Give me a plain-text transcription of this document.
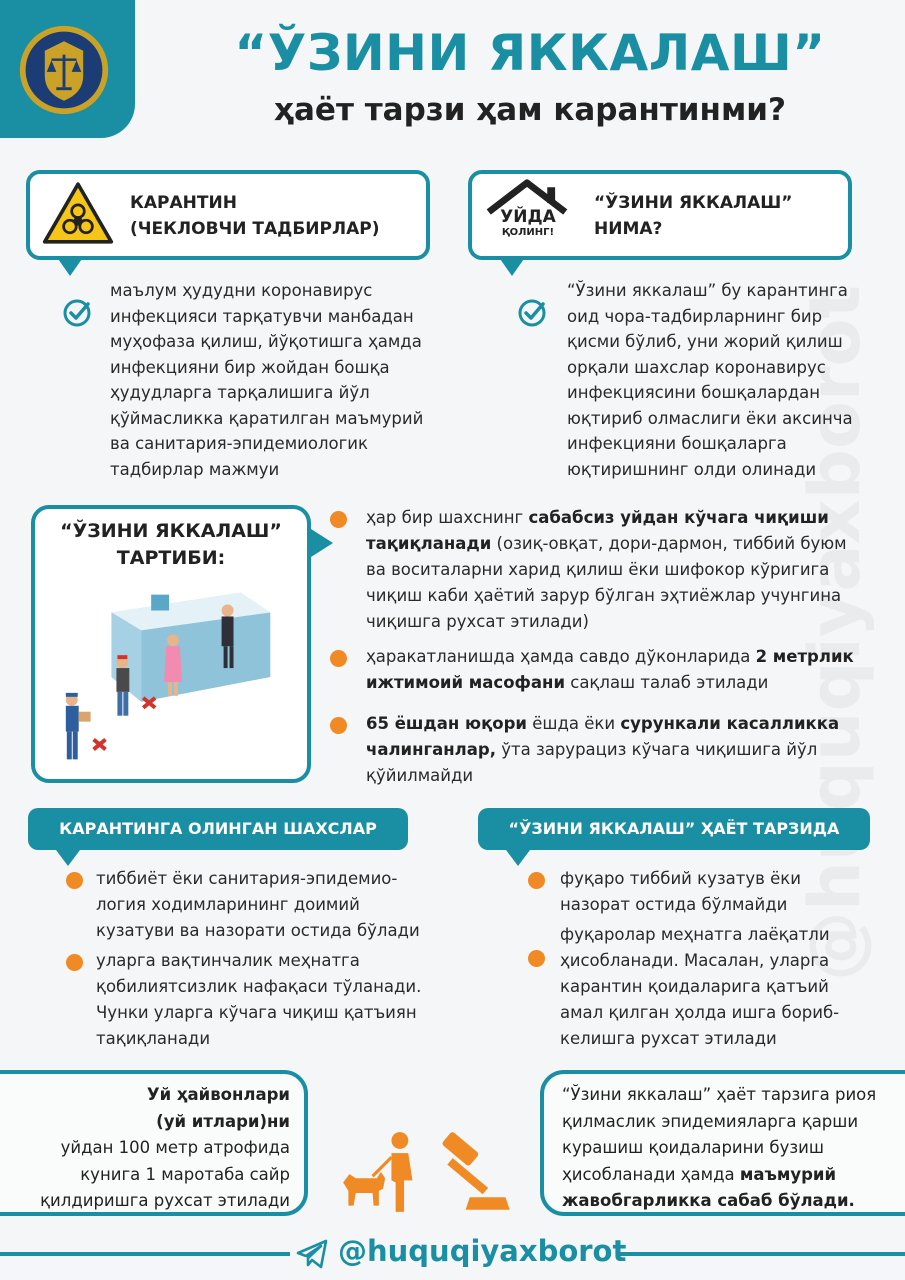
“ЎЗИНИ ЯККАЛАШ”
ҳаёт тарзи ҳам карантинми?
КАРАНТИН
(ЧЕКЛОВЧИ ТАДБИРЛАР)
УЙДА
ҚОЛИНГ!
“ЎЗИНИ ЯККАЛАШ”
НИМА?
маълум ҳудудни коронавирус
инфекцияси тарқатувчи манбадан
муҳофаза қилиш, йўқотишга ҳамда
инфекцияни бир жойдан бошқа
ҳудудларга тарқалишига йўл
қўймасликка қаратилган маъмурий
ва санитария-эпидемиологик
тадбирлар мажмуи
“Ўзини яккалаш” бу карантинга
оид чора-тадбирларнинг бир
қисми бўлиб, уни жорий қилиш
орқали шахслар коронавирус
инфекциясини бошқалардан
юқтириб олмаслиги ёки аксинча
инфекцияни бошқаларга
юқтиришнинг олди олинади
“ЎЗИНИ ЯККАЛАШ”
ТАРТИБИ:
ҳар бир шахснинг сабабсиз уйдан кўчага чиқиши
тақиқланади (озиқ-овқат, дори-дармон, тиббий буюм
ва воситаларни харид қилиш ёки шифокор кўригига
чиқиш каби ҳаётий зарур бўлган эҳтиёжлар учунгина
чиқишга рухсат этилади)
ҳаракатланишда ҳамда савдо дўконларида 2 метрлик
ижтимоий масофани сақлаш талаб этилади
65 ёшдан юқори ёшда ёки сурункали касалликка
чалинганлар, ўта зарурациз кўчага чиқишига йўл
қўйилмайди
КАРАНТИНГА ОЛИНГАН ШАХСЛАР
тиббиёт ёки санитария-эпидемио-
логия ходимларининг доимий
кузатуви ва назорати остида бўлади
уларга вақтинчалик меҳнатга
қобилиятсизлик нафақаси тўланади.
Чунки уларга кўчага чиқиш қатъиян
тақиқланади
“ЎЗИНИ ЯККАЛАШ” ҲАЁТ ТАРЗИДА
фуқаро тиббий кузатув ёки
назорат остида бўлмайди
фуқаролар меҳнатга лаёқатли
ҳисобланади. Масалан, уларга
карантин қоидаларига қатъий
амал қилган ҳолда ишга бориб-
келишга рухсат этилади
Уй ҳайвонлари
(уй итлари)ни
уйдан 100 метр атрофида
кунига 1 маротаба сайр
қилдиришга рухсат этилади
“Ўзини яккалаш” ҳаёт тарзига риоя
қилмаслик эпидемияларга қарши
курашиш қоидаларини бузиш
ҳисобланади ҳамда маъмурий
жавобгарликка сабаб бўлади.
@huquqiyaxborot
